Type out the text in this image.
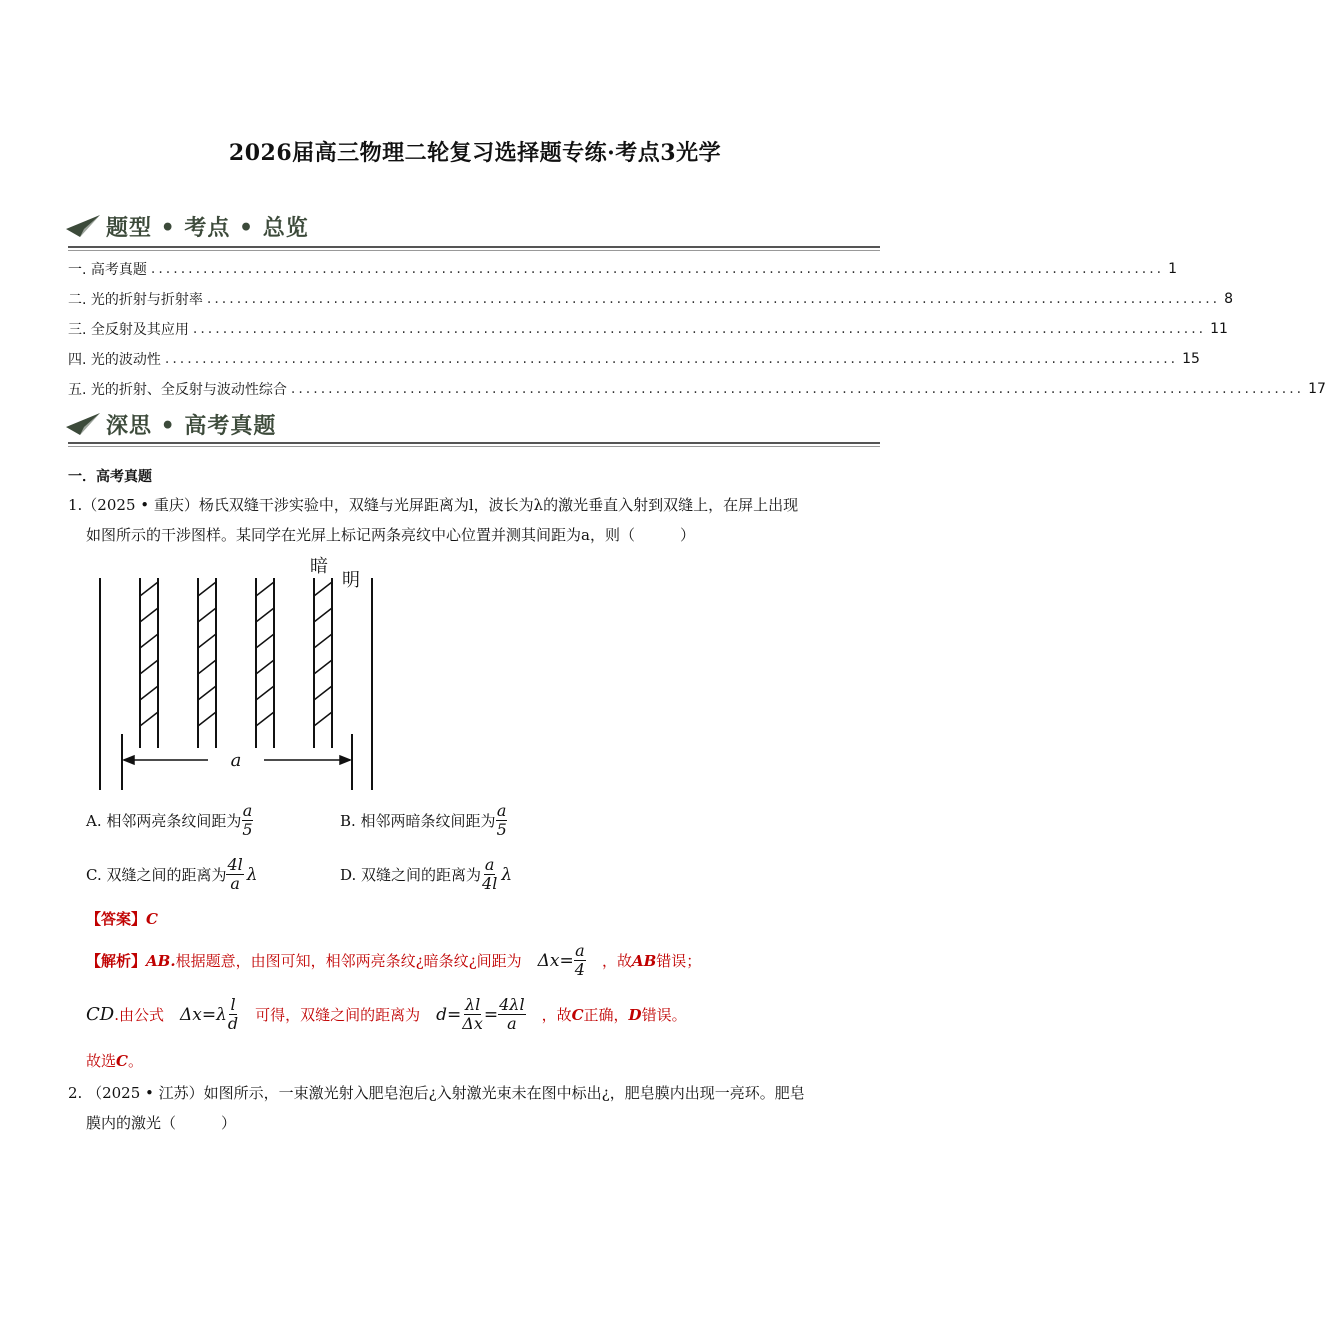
2026届高三物理二轮复习选择题专练·考点3光学
题型 • 考点 • 总览
一. 高考真题 ........................................................................................................................................ 1
二. 光的折射与折射率 ........................................................................................................................................ 8
三. 全反射及其应用 ........................................................................................................................................ 11
四. 光的波动性 ........................................................................................................................................ 15
五. 光的折射、全反射与波动性综合 ........................................................................................................................................ 17
深思 • 高考真题
一．高考真题
1.（2025 • 重庆）杨氏双缝干涉实验中，双缝与光屏距离为l，波长为λ的激光垂直入射到双缝上，在屏上出现
如图所示的干涉图样。某同学在光屏上标记两条亮纹中心位置并测其间距为a，则（　　　）
暗
明
a
A. 相邻两亮条纹间距为 $\frac{a}{5}$	B. 相邻两暗条纹间距为 $\frac{a}{5}$
C. 双缝之间的距离为 $\frac{4l}{a}$ λ	D. 双缝之间的距离为 $\frac{a}{4l}$ λ
【答案】C
【解析】 AB. 根据题意，由图可知，相邻两亮条纹¿暗条纹¿间距为 $\Delta x= \frac{a}{4}$ ，故 AB 错误；
CD .由公式 $\Delta x=\lambda \frac{l}{d}$ 可得，双缝之间的距离为 $d= \frac{\lambda l}{\Delta x} = \frac{4\lambda l}{a}$ ，故 C 正确， D 错误。
故选C。
2. （2025 • 江苏）如图所示，一束激光射入肥皂泡后¿入射激光束未在图中标出¿，肥皂膜内出现一亮环。肥皂
膜内的激光（　　　）
